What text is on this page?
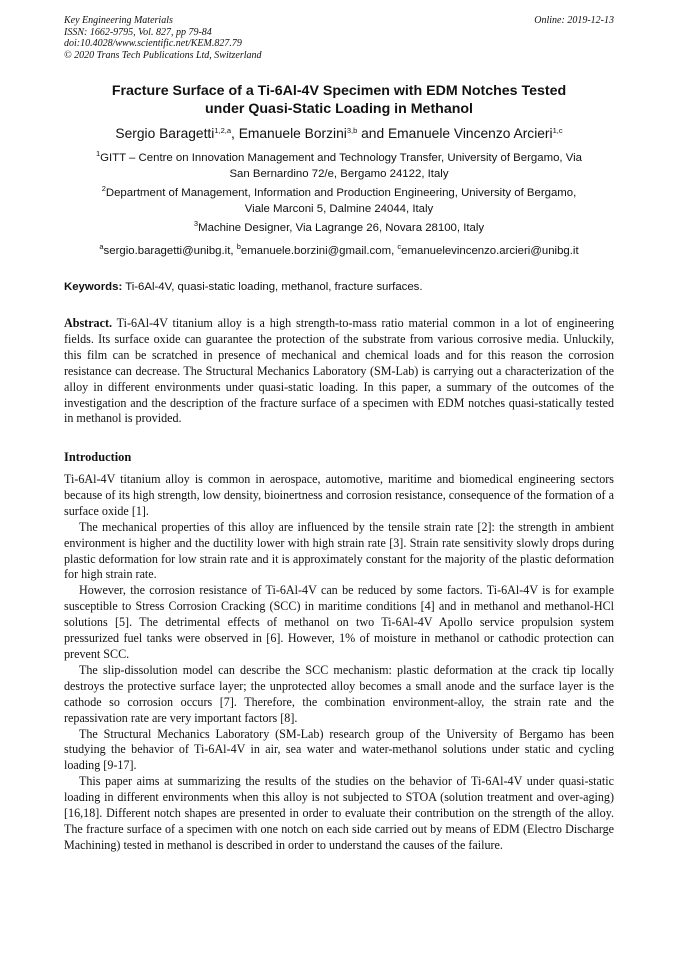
Key Engineering Materials
ISSN: 1662-9795, Vol. 827, pp 79-84
doi:10.4028/www.scientific.net/KEM.827.79
© 2020 Trans Tech Publications Ltd, Switzerland
Online: 2019-12-13
Fracture Surface of a Ti-6Al-4V Specimen with EDM Notches Tested
under Quasi-Static Loading in Methanol
Sergio Baragetti$^{1,2,a}$, Emanuele Borzini$^{3,b}$ and Emanuele Vincenzo Arcieri$^{1,c}$
$^1$GITT – Centre on Innovation Management and Technology Transfer, University of Bergamo, Via
San Bernardino 72/e, Bergamo 24122, Italy
$^2$Department of Management, Information and Production Engineering, University of Bergamo,
Viale Marconi 5, Dalmine 24044, Italy
$^3$Machine Designer, Via Lagrange 26, Novara 28100, Italy
$^a$sergio.baragetti@unibg.it, $^b$emanuele.borzini@gmail.com, $^c$emanuelevincenzo.arcieri@unibg.it
Keywords: Ti-6Al-4V, quasi-static loading, methanol, fracture surfaces.

Abstract. Ti-6Al-4V titanium alloy is a high strength-to-mass ratio material common in a lot of engineering fields. Its surface oxide can guarantee the protection of the substrate from various corrosive media. Unluckily, this film can be scratched in presence of mechanical and chemical loads and for this reason the corrosion resistance can decrease. The Structural Mechanics Laboratory (SM-Lab) is carrying out a characterization of the alloy in different environments under quasi-static loading. In this paper, a summary of the outcomes of the investigation and the description of the fracture surface of a specimen with EDM notches quasi-statically tested in methanol is provided.

Introduction

Ti-6Al-4V titanium alloy is common in aerospace, automotive, maritime and biomedical engineering sectors because of its high strength, low density, bioinertness and corrosion resistance, consequence of the formation of a surface oxide [1].

The mechanical properties of this alloy are influenced by the tensile strain rate [2]: the strength in ambient environment is higher and the ductility lower with high strain rate [3]. Strain rate sensitivity slowly drops during plastic deformation for low strain rate and it is approximately constant for the majority of the plastic deformation for high strain rate.

However, the corrosion resistance of Ti-6Al-4V can be reduced by some factors. Ti-6Al-4V is for example susceptible to Stress Corrosion Cracking (SCC) in maritime conditions [4] and in methanol and methanol-HCl solutions [5]. The detrimental effects of methanol on two Ti-6Al-4V Apollo service propulsion system pressurized fuel tanks were observed in [6]. However, 1% of moisture in methanol or cathodic protection can prevent SCC.

The slip-dissolution model can describe the SCC mechanism: plastic deformation at the crack tip locally destroys the protective surface layer; the unprotected alloy becomes a small anode and the surface layer is the cathode so corrosion occurs [7]. Therefore, the combination environment-alloy, the strain rate and the repassivation rate are very important factors [8].

The Structural Mechanics Laboratory (SM-Lab) research group of the University of Bergamo has been studying the behavior of Ti-6Al-4V in air, sea water and water-methanol solutions under static and cycling loading [9-17].

This paper aims at summarizing the results of the studies on the behavior of Ti-6Al-4V under quasi-static loading in different environments when this alloy is not subjected to STOA (solution treatment and over-aging) [16,18]. Different notch shapes are presented in order to evaluate their contribution on the strength of the alloy. The fracture surface of a specimen with one notch on each side carried out by means of EDM (Electro Discharge Machining) tested in methanol is described in order to understand the causes of the failure.
